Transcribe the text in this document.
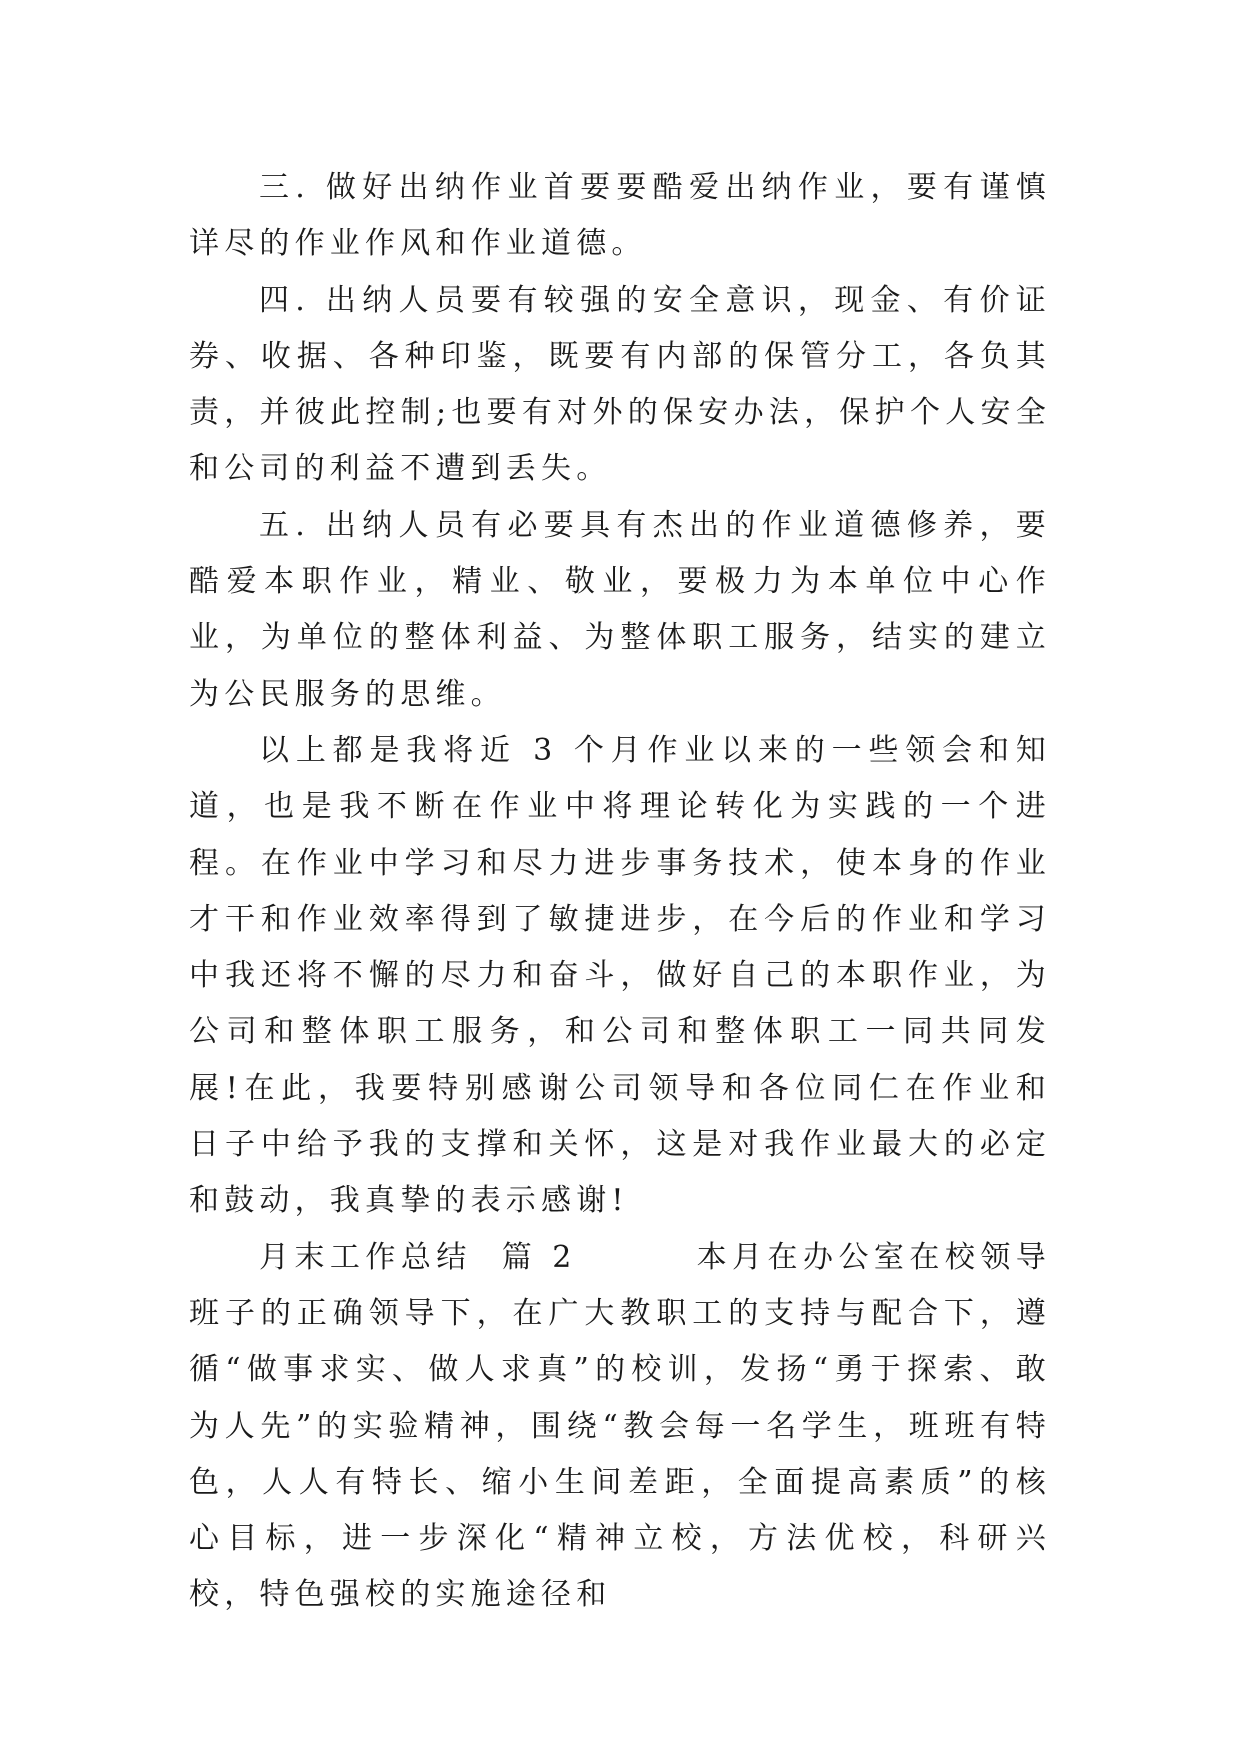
三. 做好出纳作业首要要酷爱出纳作业，要有谨慎详尽的作业作风和作业道德。

四. 出纳人员要有较强的安全意识，现金、有价证券、收据、各种印鉴，既要有内部的保管分工，各负其责，并彼此控制;也要有对外的保安办法，保护个人安全和公司的利益不遭到丢失。

五. 出纳人员有必要具有杰出的作业道德修养，要酷爱本职作业，精业、敬业，要极力为本单位中心作业，为单位的整体利益、为整体职工服务，结实的建立为公民服务的思维。

以上都是我将近 3 个月作业以来的一些领会和知道，也是我不断在作业中将理论转化为实践的一个进程。在作业中学习和尽力进步事务技术，使本身的作业才干和作业效率得到了敏捷进步，在今后的作业和学习中我还将不懈的尽力和奋斗，做好自己的本职作业，为公司和整体职工服务，和公司和整体职工一同共同发展!在此，我要特别感谢公司领导和各位同仁在作业和日子中给予我的支撑和关怀，这是对我作业最大的必定和鼓动，我真挚的表示感谢!

月末工作总结  篇 2        本月在办公室在校领导班子的正确领导下，在广大教职工的支持与配合下，遵循“做事求实、做人求真”的校训，发扬“勇于探索、敢为人先”的实验精神，围绕“教会每一名学生，班班有特色，人人有特长、缩小生间差距，全面提高素质”的核心目标，进一步深化“精神立校，方法优校，科研兴校，特色强校的实施途径和
